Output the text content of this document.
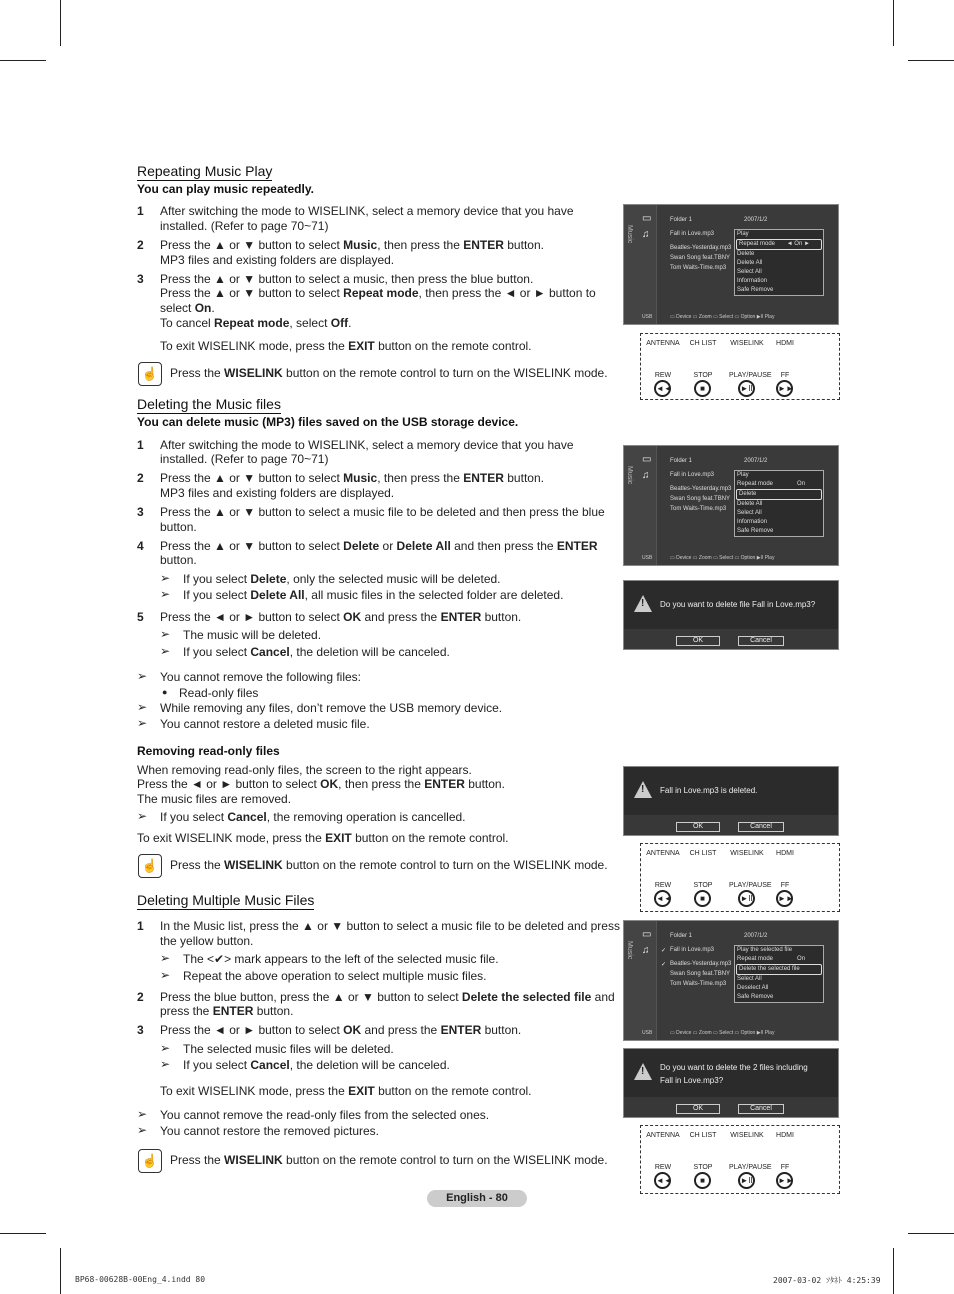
Repeating Music Play
You can play music repeatedly.
1 After switching the mode to WISELINK, select a memory device that you have
installed. (Refer to page 70~71)
2 Press the ▲ or ▼ button to select Music, then press the ENTER button.
MP3 files and existing folders are displayed.
3 Press the ▲ or ▼ button to select a music, then press the blue button.
Press the ▲ or ▼ button to select Repeat mode, then press the ◄ or ► button to
select On.
To cancel Repeat mode, select Off.
To exit WISELINK mode, press the EXIT button on the remote control.
☝ Press the WISELINK button on the remote control to turn on the WISELINK mode.
Deleting the Music files
You can delete music (MP3) files saved on the USB storage device.
1 After switching the mode to WISELINK, select a memory device that you have
installed. (Refer to page 70~71)
2 Press the ▲ or ▼ button to select Music, then press the ENTER button.
MP3 files and existing folders are displayed.
3 Press the ▲ or ▼ button to select a music file to be deleted and then press the blue
button.
4 Press the ▲ or ▼ button to select Delete or Delete All and then press the ENTER
button.
➢ If you select Delete, only the selected music will be deleted.
➢ If you select Delete All, all music files in the selected folder are deleted.
5 Press the ◄ or ► button to select OK and press the ENTER button.
➢ The music will be deleted.
➢ If you select Cancel, the deletion will be canceled.
➢ You cannot remove the following files:
● Read-only files
➢ While removing any files, don’t remove the USB memory device.
➢ You cannot restore a deleted music file.
Removing read-only files
When removing read-only files, the screen to the right appears.
Press the ◄ or ► button to select OK, then press the ENTER button.
The music files are removed.
➢ If you select Cancel, the removing operation is cancelled.
To exit WISELINK mode, press the EXIT button on the remote control.
☝ Press the WISELINK button on the remote control to turn on the WISELINK mode.
Deleting Multiple Music Files
1 In the Music list, press the ▲ or ▼ button to select a music file to be deleted and press
the yellow button.
➢ The <✔> mark appears to the left of the selected music file.
➢ Repeat the above operation to select multiple music files.
2 Press the blue button, press the ▲ or ▼ button to select Delete the selected file and
press the ENTER button.
3 Press the ◄ or ► button to select OK and press the ENTER button.
➢ The selected music files will be deleted.
➢ If you select Cancel, the deletion will be canceled.
To exit WISELINK mode, press the EXIT button on the remote control.
➢ You cannot remove the read-only files from the selected ones.
➢ You cannot restore the removed pictures.
☝ Press the WISELINK button on the remote control to turn on the WISELINK mode.
Music
▭
♫
Folder 1	2007/1/2
Fall in Love.mp3
Beatles-Yesterday.mp3
Swan Song feat.TBNY
Tom Waits-Time.mp3
Play
Repeat mode ◄ On ►
Delete
Delete All
Select All
Information
Safe Remove
USB	▭ Device ▭ Zoom ▭ Select ▭ Option ▶II Play
ANTENNA	CH LIST	WISELINK	HDMI
REW	STOP	PLAY/PAUSE	FF
◄◄	■	►II	►►
Music
▭
♫
Folder 1	2007/1/2
Fall in Love.mp3
Beatles-Yesterday.mp3
Swan Song feat.TBNY
Tom Waits-Time.mp3
Play
Repeat mode	On
Delete
Delete All
Select All
Information
Safe Remove
USB	▭ Device ▭ Zoom ▭ Select ▭ Option ▶II Play
! Do you want to delete file Fall in Love.mp3?
OK	Cancel
! Fall in Love.mp3 is deleted.
OK	Cancel
ANTENNA	CH LIST	WISELINK	HDMI
REW	STOP	PLAY/PAUSE	FF
◄◄	■	►II	►►
Music
▭
♫
Folder 1	2007/1/2
✓
✓
Fall in Love.mp3
Beatles-Yesterday.mp3
Swan Song feat.TBNY
Tom Waits-Time.mp3
Play the selected file
Repeat mode	On
Delete the selected file
Select All
Deselect All
Safe Remove
USB	▭ Device ▭ Zoom ▭ Select ▭ Option ▶II Play
! Do you want to delete the 2 files including
Fall in Love.mp3?
OK	Cancel
ANTENNA	CH LIST	WISELINK	HDMI
REW	STOP	PLAY/PAUSE	FF
◄◄	■	►II	►►
English - 80
BP68-00628B-00Eng_4.indd 80	2007-03-02 ｿﾀﾈﾄ 4:25:39
